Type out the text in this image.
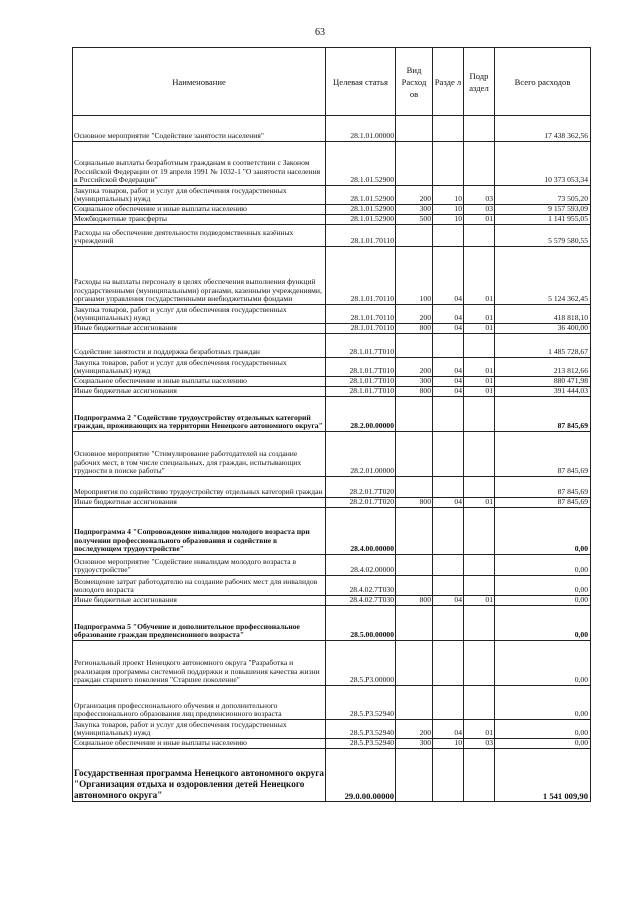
63
Наименование	Целевая статья	Вид Расход ов	Разде л	Подр аздел	Всего расходов
Основное мероприятие "Содействие занятости населения"	28.1.01.00000				17 438 362,56
Социальные выплаты безработным гражданам в соответствии с Законом Российской Федерации от 19 апреля 1991 № 1032-1 "О занятости населения в Российской Федерации"	28.1.01.52900				10 373 053,34
Закупка товаров, работ и услуг для обеспечения государственных (муниципальных) нужд	28.1.01.52900	200	10	03	73 505,20
Социальное обеспечение и иные выплаты населению	28.1.01.52900	300	10	03	9 157 593,09
Межбюджетные трансферты	28.1.01.52900	500	10	01	1 141 955,05
Расходы на обеспечение деятельности подведомственных казённых учреждений	28.1.01.70110				5 579 580,55
Расходы на выплаты персоналу в целях обеспечения выполнения функций государственными (муниципальными) органами, казенными учреждениями, органами управления государственными внебюджетными фондами	28.1.01.70110	100	04	01	5 124 362,45
Закупка товаров, работ и услуг для обеспечения государственных (муниципальных) нужд	28.1.01.70110	200	04	01	418 818,10
Иные бюджетные ассигнования	28.1.01.70110	800	04	01	36 400,00
Содействие занятости и поддержка безработных граждан	28.1.01.7Т010				1 485 728,67
Закупка товаров, работ и услуг для обеспечения государственных (муниципальных) нужд	28.1.01.7Т010	200	04	01	213 812,66
Социальное обеспечение и иные выплаты населению	28.1.01.7Т010	300	04	01	880 471,98
Иные бюджетные ассигнования	28.1.01.7Т010	800	04	01	391 444,03
Подпрограмма 2 "Содействие трудоустройству отдельных категорий граждан, проживающих на территории Ненецкого автономного округа"	28.2.00.00000				87 845,69
Основное мероприятие "Стимулирование работодателей на создание рабочих мест, в том числе специальных, для граждан, испытывающих трудности в поиске работы"	28.2.01.00000				87 845,69
Мероприятия по содействию трудоустройству отдельных категорий граждан	28.2.01.7Т020				87 845,69
Иные бюджетные ассигнования	28.2.01.7Т020	800	04	01	87 845,69
Подпрограмма 4 "Сопровождение инвалидов молодого возраста при получении профессионального образования и содействие в последующем трудоустройстве"	28.4.00.00000				0,00
Основное мероприятие "Содействие инвалидам молодого возраста в трудоустройстве"	28.4.02.00000				0,00
Возмещение затрат работодателю на создание рабочих мест для инвалидов молодого возраста	28.4.02.7Т030				0,00
Иные бюджетные ассигнования	28.4.02.7Т030	800	04	01	0,00
Подпрограмма 5 "Обучение и дополнительное профессиональное образование граждан предпенсионного возраста"	28.5.00.00000				0,00
Региональный проект Ненецкого автономного округа "Разработка и реализация программы системной поддержки и повышения качества жизни граждан старшего поколения "Старшее поколение"	28.5.Р3.00000				0,00
Организация профессионального обучения и дополнительного профессионального образования лиц предпенсионного возраста	28.5.Р3.52940				0,00
Закупка товаров, работ и услуг для обеспечения государственных (муниципальных) нужд	28.5.Р3.52940	200	04	01	0,00
Социальное обеспечение и иные выплаты населению	28.5.Р3.52940	300	10	03	0,00
Государственная программа Ненецкого автономного округа "Организация отдыха и оздоровления детей Ненецкого автономного округа"	29.0.00.00000				1 541 009,90
